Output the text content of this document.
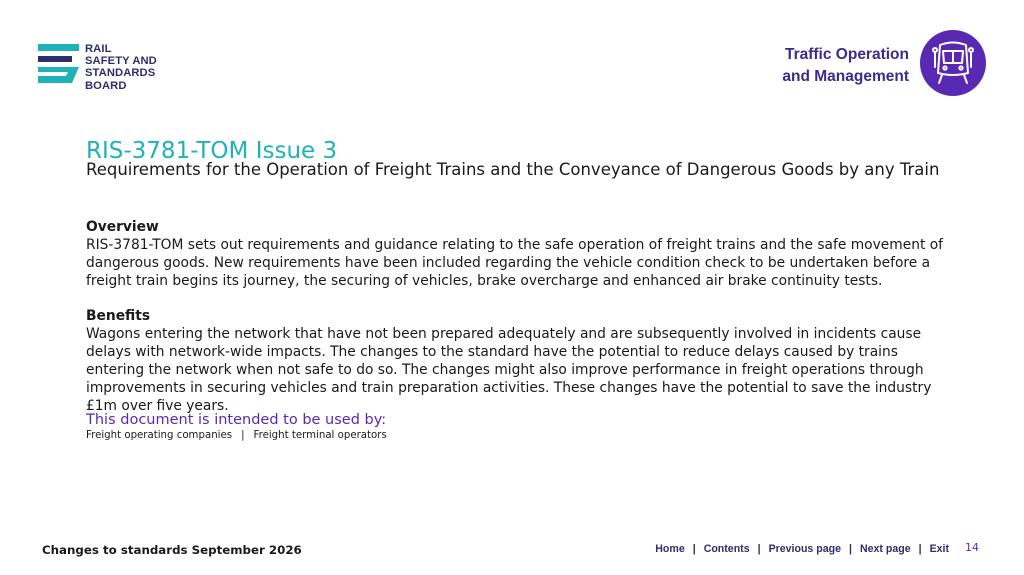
RAIL
SAFETY AND
STANDARDS
BOARD
Traffic Operation
and Management
RIS-3781-TOM Issue 3
Requirements for the Operation of Freight Trains and the Conveyance of Dangerous Goods by any Train
Overview
RIS-3781-TOM sets out requirements and guidance relating to the safe operation of freight trains and the safe movement of dangerous goods. New requirements have been included regarding the vehicle condition check to be undertaken before a freight train begins its journey, the securing of vehicles, brake overcharge and enhanced air brake continuity tests.
Benefits
Wagons entering the network that have not been prepared adequately and are subsequently involved in incidents cause delays with network-wide impacts. The changes to the standard have the potential to reduce delays caused by trains entering the network when not safe to do so. The changes might also improve performance in freight operations through improvements in securing vehicles and train preparation activities. These changes have the potential to save the industry £1m over five years.
This document is intended to be used by:
Freight operating companies | Freight terminal operators
Changes to standards September 2026	Home | Contents | Previous page | Next page | Exit 14
